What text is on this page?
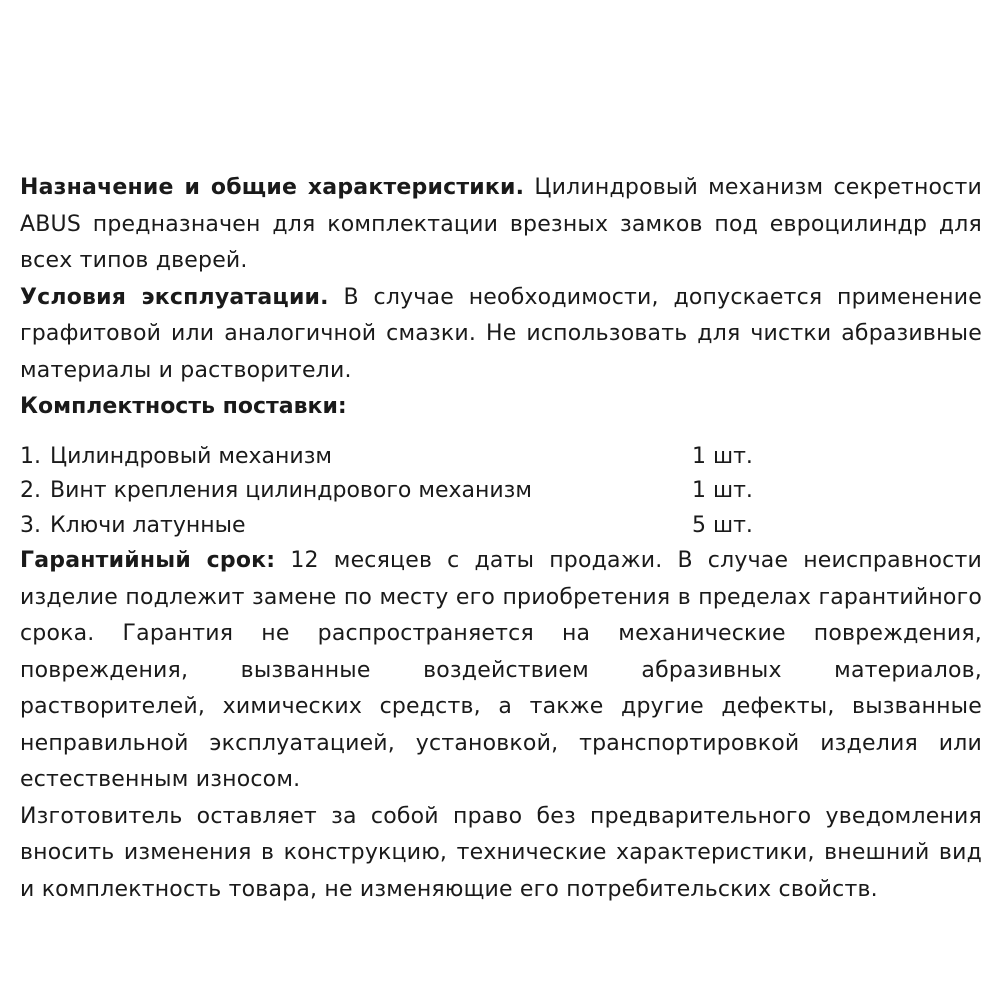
Назначение и общие характеристики. Цилиндровый механизм секретности ABUS предназначен для комплектации врезных замков под евроцилиндр для всех типов дверей.

Условия эксплуатации. В случае необходимости, допускается применение графитовой или аналогичной смазки. Не использовать для чистки абразивные материалы и растворители.

Комплектность поставки:

1. Цилиндровый механизм	1 шт.
2. Винт крепления цилиндрового механизм	1 шт.
3. Ключи латунные	5 шт.

Гарантийный срок: 12 месяцев с даты продажи. В случае неисправности изделие подлежит замене по месту его приобретения в пределах гарантийного срока. Гарантия не распространяется на механические повреждения, повреждения, вызванные воздействием абразивных материалов, растворителей, химических средств, а также другие дефекты, вызванные неправильной эксплуатацией, установкой, транспортировкой изделия или естественным износом.

Изготовитель оставляет за собой право без предварительного уведомления вносить изменения в конструкцию, технические характеристики, внешний вид и комплектность товара, не изменяющие его потребительских свойств.
